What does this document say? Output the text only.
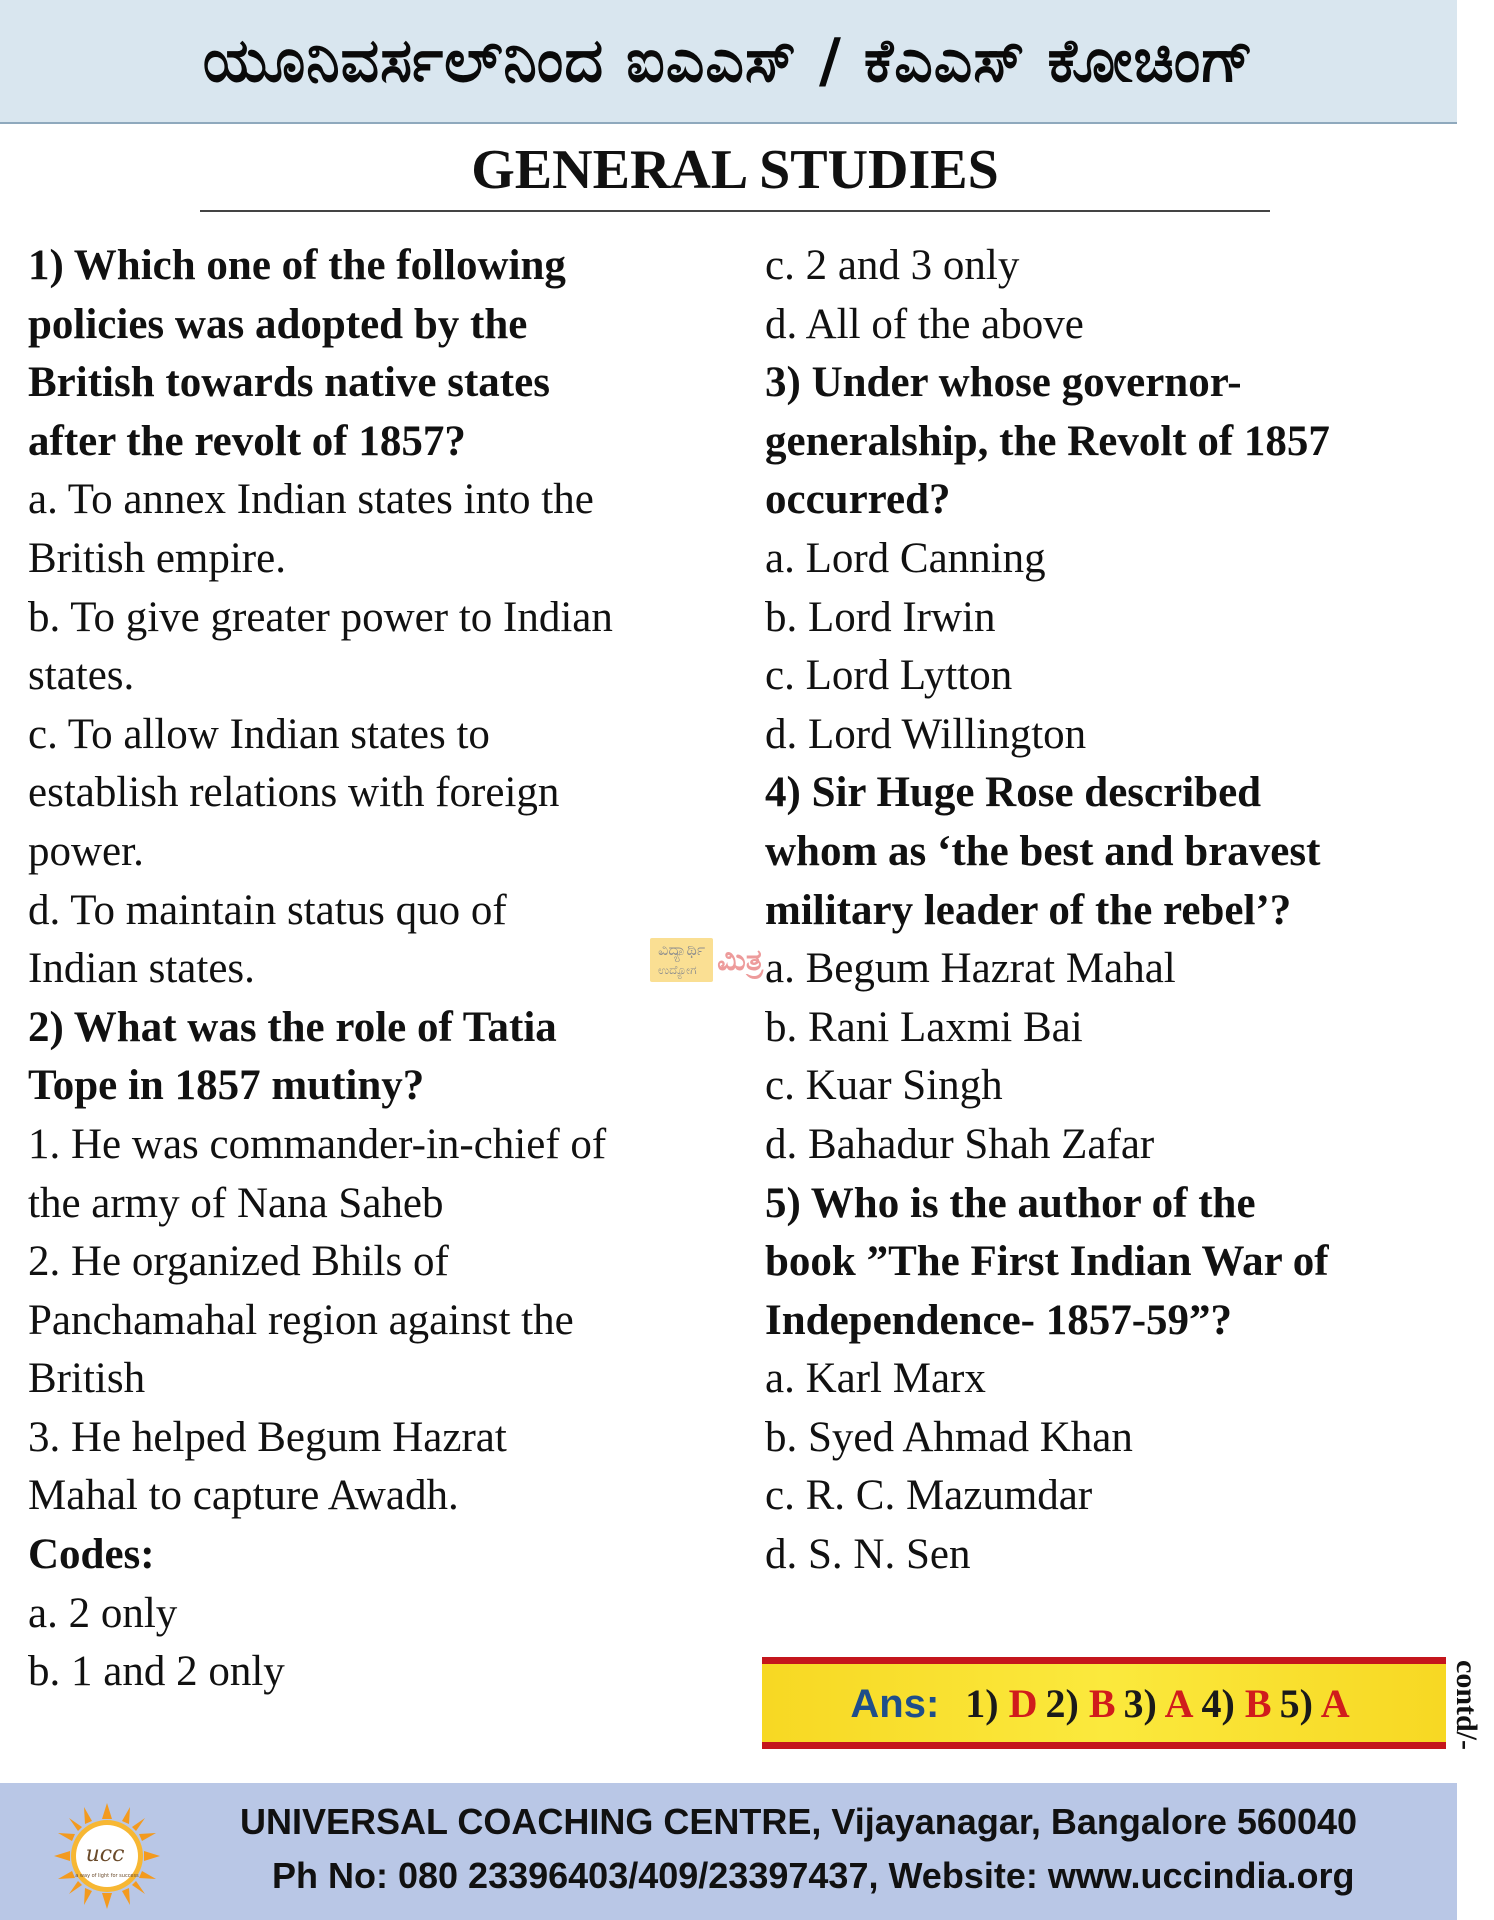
ಯೂನಿವರ್ಸಲ್‌ನಿಂದ ಐಎಎಸ್ / ಕೆಎಎಸ್ ಕೋಚಿಂಗ್
GENERAL STUDIES
1) Which one of the following
policies was adopted by the
British towards native states
after the revolt of 1857?
a. To annex Indian states into the
British empire.
b. To give greater power to Indian
states.
c. To allow Indian states to
establish relations with foreign
power.
d. To maintain status quo of
Indian states.
2) What was the role of Tatia
Tope in 1857 mutiny?
1. He was commander-in-chief of
the army of Nana Saheb
2. He organized Bhils of
Panchamahal region against the
British
3. He helped Begum Hazrat
Mahal to capture Awadh.
Codes:
a. 2 only
b. 1 and 2 only
c. 2 and 3 only
d. All of the above
3) Under whose governor-
generalship, the Revolt of 1857
occurred?
a. Lord Canning
b. Lord Irwin
c. Lord Lytton
d. Lord Willington
4) Sir Huge Rose described
whom as ‘the best and bravest
military leader of the rebel’?
a. Begum Hazrat Mahal
b. Rani Laxmi Bai
c. Kuar Singh
d. Bahadur Shah Zafar
5) Who is the author of the
book ”The First Indian War of
Independence- 1857-59”?
a. Karl Marx
b. Syed Ahmad Khan
c. R. C. Mazumdar
d. S. N. Sen
ವಿದ್ಯಾರ್ಥಿ
ಉದ್ಯೋಗ ಮಿತ್ರ
Ans: 1) D 2) B 3) A 4) B 5) A	contd/-
ucc
a way of light for success
UNIVERSAL COACHING CENTRE, Vijayanagar, Bangalore 560040
Ph No: 080 23396403/409/23397437, Website: www.uccindia.org
